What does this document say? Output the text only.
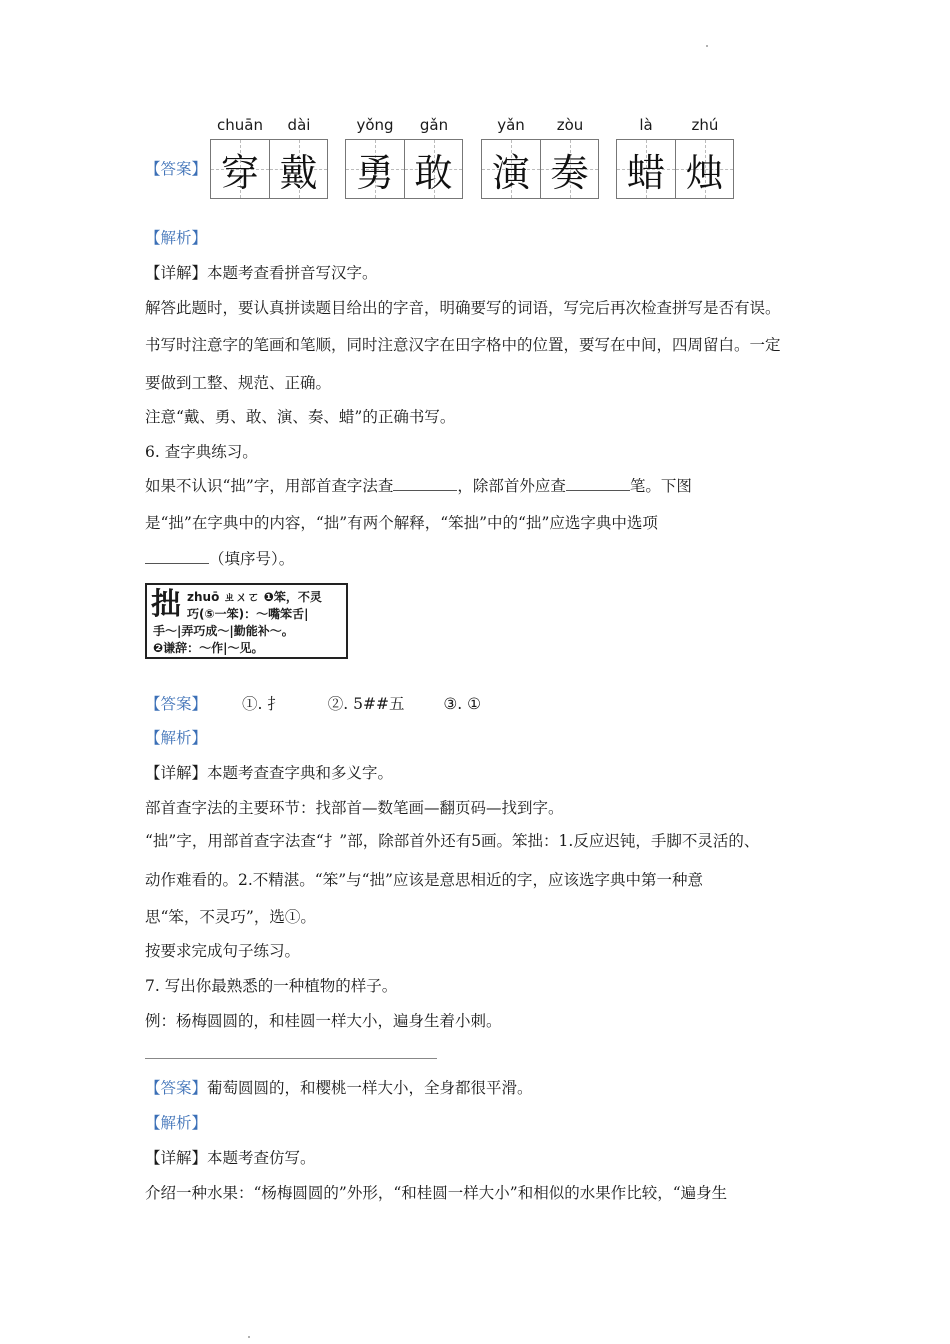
【答案】
chuān	dài	yǒng	gǎn	yǎn	zòu	là	zhú
穿 戴 勇 敢 演 奏 蜡 烛
【解析】
【详解】本题考查看拼音写汉字。
解答此题时，要认真拼读题目给出的字音，明确要写的词语，写完后再次检查拼写是否有误。
书写时注意字的笔画和笔顺，同时注意汉字在田字格中的位置，要写在中间，四周留白。一定
要做到工整、规范、正确。
注意“戴、勇、敢、演、奏、蜡”的正确书写。
6. 查字典练习。
如果不认识“拙”字，用部首查字法查	，除部首外应查	笔。下图
是“拙”在字典中的内容，“拙”有两个解释，“笨拙”中的“拙”应选字典中选项
（填序号）。
拙 zhuō ㄓㄨㄛ ❶笨，不灵
巧(⑤一笨)：～嘴笨舌|
手～|弄巧成～|勤能补～。
❷谦辞：～作|～见。
【答案】 ①. 扌	②. 5##五	③. ①
【解析】
【详解】本题考查查字典和多义字。
部首查字法的主要环节：找部首—数笔画—翻页码—找到字。
“拙”字，用部首查字法查“扌”部，除部首外还有5画。笨拙：1.反应迟钝，手脚不灵活的、
动作难看的。2.不精湛。“笨”与“拙”应该是意思相近的字，应该选字典中第一种意
思“笨，不灵巧”，选①。
按要求完成句子练习。
7. 写出你最熟悉的一种植物的样子。
例：杨梅圆圆的，和桂圆一样大小，遍身生着小刺。
【答案】葡萄圆圆的，和樱桃一样大小，全身都很平滑。
【解析】
【详解】本题考查仿写。
介绍一种水果：“杨梅圆圆的”外形，“和桂圆一样大小”和相似的水果作比较，“遍身生
